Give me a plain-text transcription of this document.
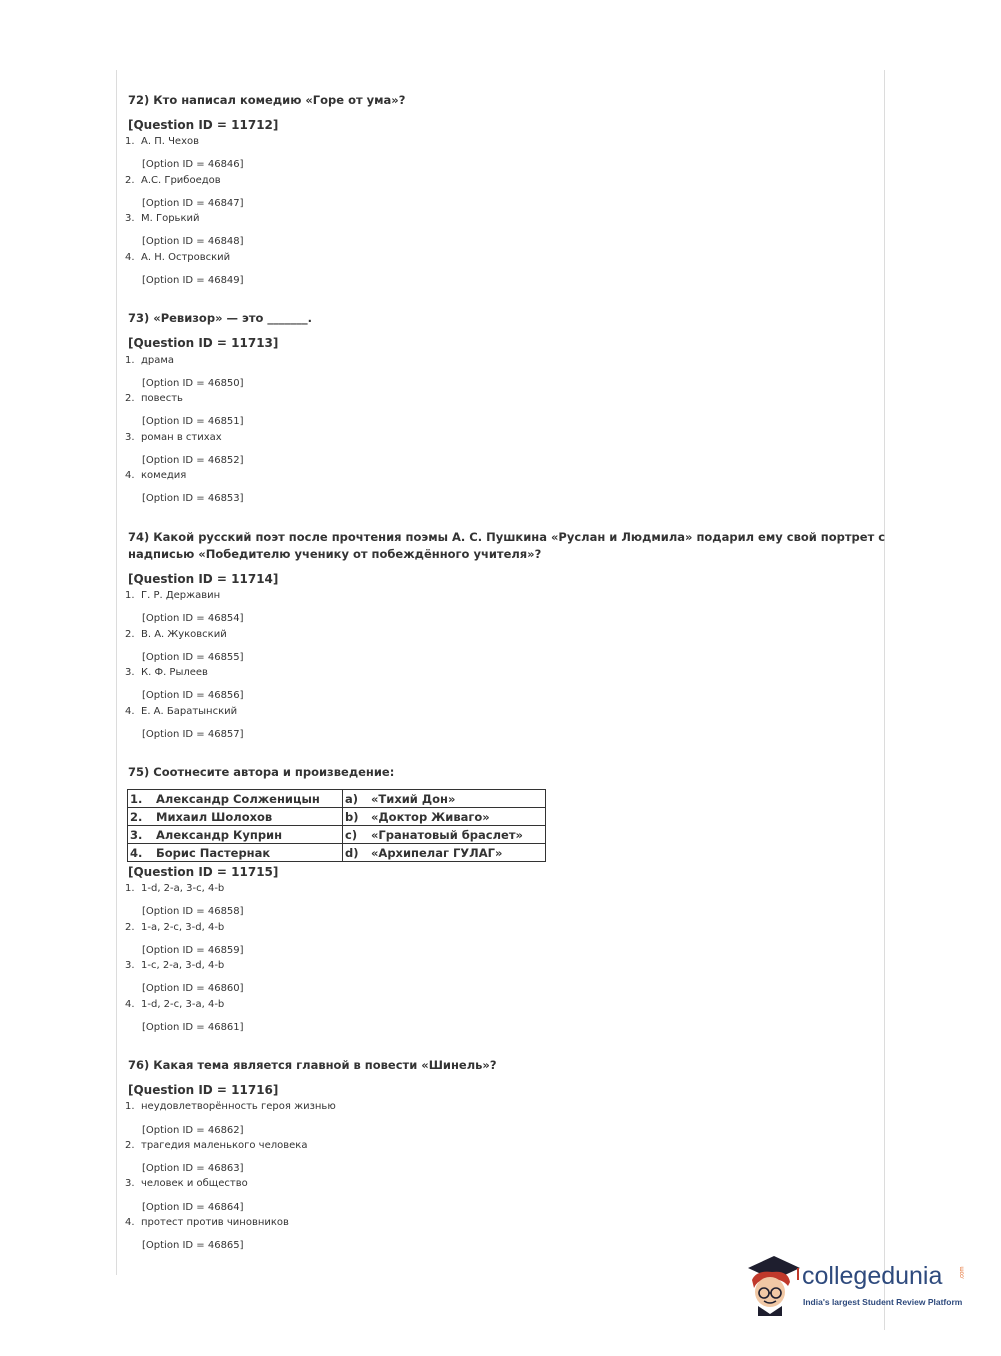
72) Кто написал комедию «Горе от ума»?
[Question ID = 11712]
1. А. П. Чехов
[Option ID = 46846]
2. А.С. Грибоедов
[Option ID = 46847]
3. М. Горький
[Option ID = 46848]
4. А. Н. Островский
[Option ID = 46849]
73) «Ревизор» — это _______.
[Question ID = 11713]
1. драма
[Option ID = 46850]
2. повесть
[Option ID = 46851]
3. роман в стихах
[Option ID = 46852]
4. комедия
[Option ID = 46853]
74) Какой русский поэт после прочтения поэмы А. С. Пушкина «Руслан и Людмила» подарил ему свой портрет с
надписью «Победителю ученику от побеждённого учителя»?
[Question ID = 11714]
1. Г. Р. Державин
[Option ID = 46854]
2. В. А. Жуковский
[Option ID = 46855]
3. К. Ф. Рылеев
[Option ID = 46856]
4. Е. А. Баратынский
[Option ID = 46857]
75) Соотнесите автора и произведение:
1. Александр Солженицын	a) «Тихий Дон»
2. Михаил Шолохов	b) «Доктор Живаго»
3. Александр Куприн	c) «Гранатовый браслет»
4. Борис Пастернак	d) «Архипелаг ГУЛАГ»
[Question ID = 11715]
1. 1-d, 2-a, 3-c, 4-b
[Option ID = 46858]
2. 1-a, 2-c, 3-d, 4-b
[Option ID = 46859]
3. 1-c, 2-a, 3-d, 4-b
[Option ID = 46860]
4. 1-d, 2-c, 3-a, 4-b
[Option ID = 46861]
76) Какая тема является главной в повести «Шинель»?
[Question ID = 11716]
1. неудовлетворённость героя жизнью
[Option ID = 46862]
2. трагедия маленького человека
[Option ID = 46863]
3. человек и общество
[Option ID = 46864]
4. протест против чиновников
[Option ID = 46865]
collegedunia	.com
India's largest Student Review Platform
